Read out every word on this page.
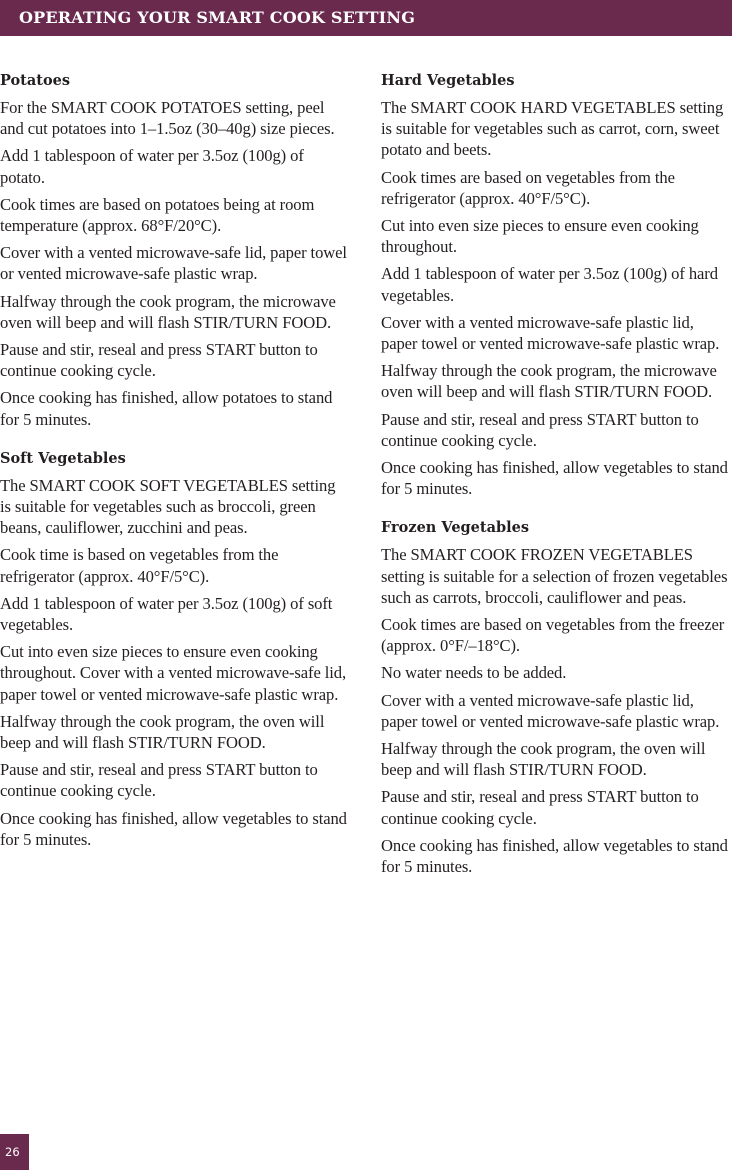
OPERATING YOUR SMART COOK SETTING
Potatoes

For the SMART COOK POTATOES setting, peel and cut potatoes into 1–1.5oz (30–40g) size pieces.

Add 1 tablespoon of water per 3.5oz (100g) of potato.

Cook times are based on potatoes being at room temperature (approx. 68°F/20°C).

Cover with a vented microwave-safe lid, paper towel or vented microwave-safe plastic wrap.

Halfway through the cook program, the microwave oven will beep and will flash STIR/TURN FOOD.

Pause and stir, reseal and press START button to continue cooking cycle.

Once cooking has finished, allow potatoes to stand for 5 minutes.

Soft Vegetables

The SMART COOK SOFT VEGETABLES setting is suitable for vegetables such as broccoli, green beans, cauliflower, zucchini and peas.

Cook time is based on vegetables from the refrigerator (approx. 40°F/5°C).

Add 1 tablespoon of water per 3.5oz (100g) of soft vegetables.

Cut into even size pieces to ensure even cooking throughout. Cover with a vented microwave-safe lid, paper towel or vented microwave-safe plastic wrap.

Halfway through the cook program, the oven will beep and will flash STIR/TURN FOOD.

Pause and stir, reseal and press START button to continue cooking cycle.

Once cooking has finished, allow vegetables to stand for 5 minutes.

Hard Vegetables

The SMART COOK HARD VEGETABLES setting is suitable for vegetables such as carrot, corn, sweet potato and beets.

Cook times are based on vegetables from the refrigerator (approx. 40°F/5°C).

Cut into even size pieces to ensure even cooking throughout.

Add 1 tablespoon of water per 3.5oz (100g) of hard vegetables.

Cover with a vented microwave-safe plastic lid, paper towel or vented microwave-safe plastic wrap.

Halfway through the cook program, the microwave oven will beep and will flash STIR/TURN FOOD.

Pause and stir, reseal and press START button to continue cooking cycle.

Once cooking has finished, allow vegetables to stand for 5 minutes.

Frozen Vegetables

The SMART COOK FROZEN VEGETABLES setting is suitable for a selection of frozen vegetables such as carrots, broccoli, cauliflower and peas.

Cook times are based on vegetables from the freezer (approx. 0°F/–18°C).

No water needs to be added.

Cover with a vented microwave-safe plastic lid, paper towel or vented microwave-safe plastic wrap.

Halfway through the cook program, the oven will beep and will flash STIR/TURN FOOD.

Pause and stir, reseal and press START button to continue cooking cycle.

Once cooking has finished, allow vegetables to stand for 5 minutes.

26
